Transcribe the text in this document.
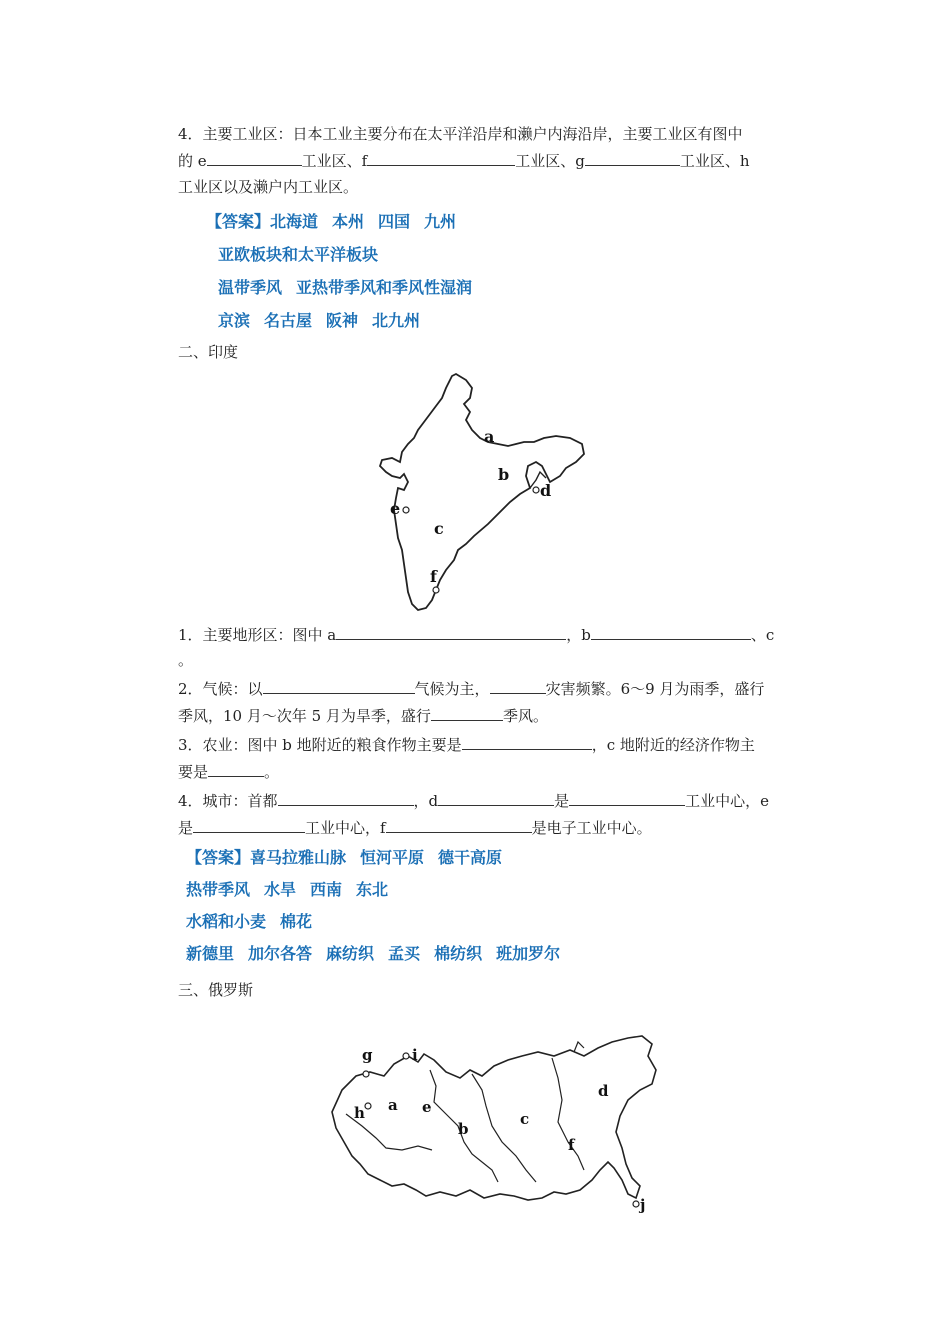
4．主要工业区：日本工业主要分布在太平洋沿岸和濑户内海沿岸，主要工业区有图中
的 e	工业区、f	工业区、g	工业区、h
工业区以及濑户内工业区。
【答案】北海道 本州 四国 九州
亚欧板块和太平洋板块
温带季风 亚热带季风和季风性湿润
京滨 名古屋 阪神 北九州
二、印度
a
b
c
d
e
f
1．主要地形区：图中 a	，b	、c
。
2．气候：以	气候为主，	灾害频繁。6～9 月为雨季，盛行
季风，10 月～次年 5 月为旱季，盛行	季风。
3．农业：图中 b 地附近的粮食作物主要是	，c 地附近的经济作物主
要是	。
4．城市：首都	，d	是	工业中心，e
是	工业中心，f	是电子工业中心。
【答案】喜马拉雅山脉 恒河平原 德干高原
热带季风 水旱 西南 东北
水稻和小麦 棉花
新德里 加尔各答 麻纺织 孟买 棉纺织 班加罗尔
三、俄罗斯
g	i
h a e
b
c
d
f
j
